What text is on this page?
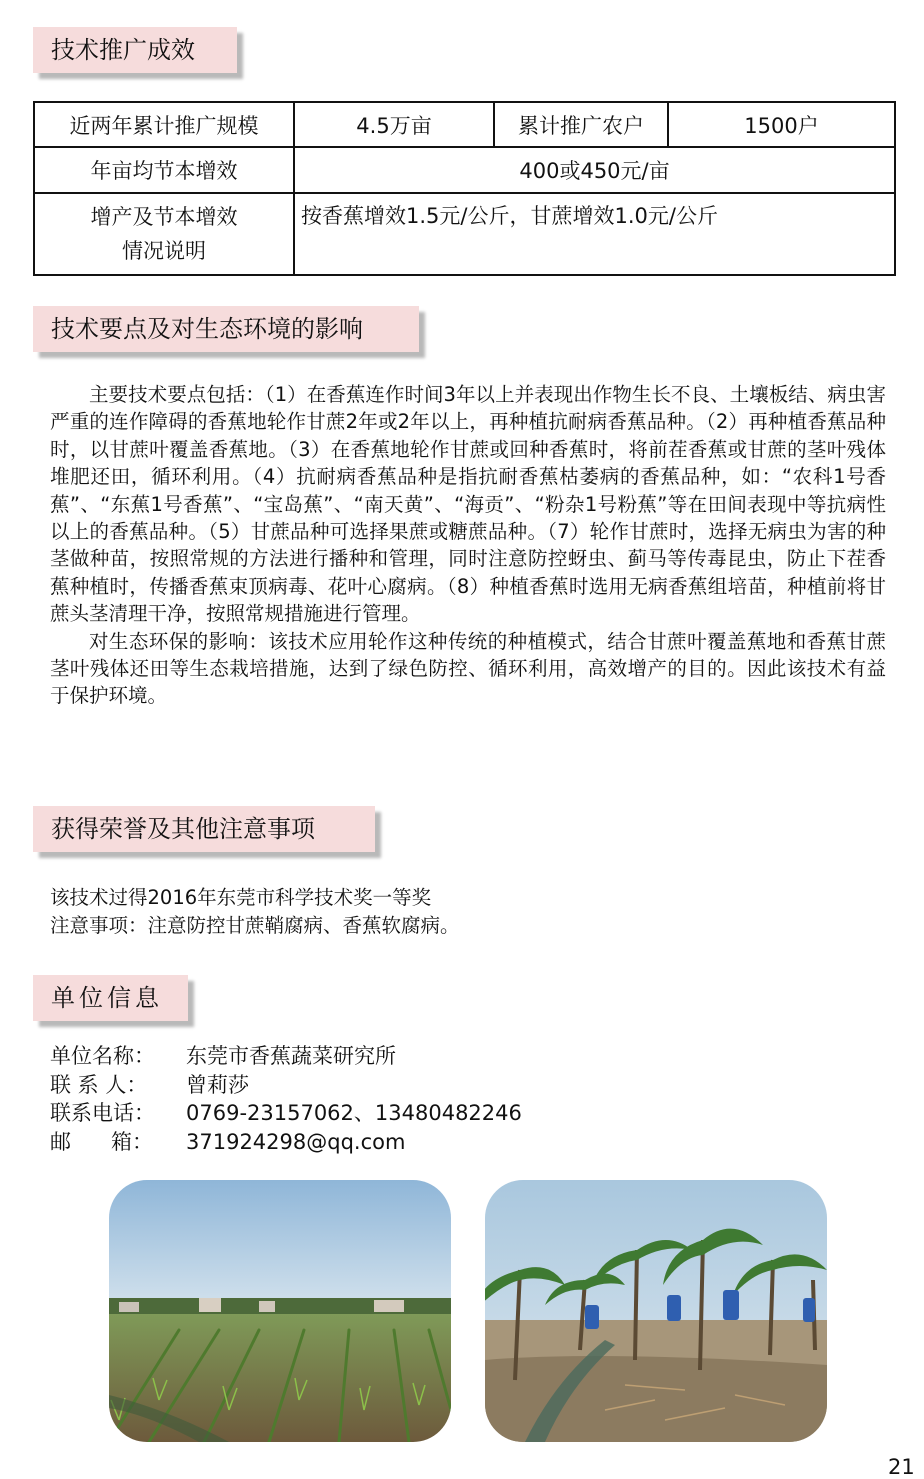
技术推广成效
近两年累计推广规模	4.5万亩	累计推广农户	1500户
年亩均节本增效	400或450元/亩		

增产及节本增效
情况说明	按香蕉增效1.5元/公斤，甘蔗增效1.0元/公斤		
技术要点及对生态环境的影响

主要技术要点包括：（1）在香蕉连作时间3年以上并表现出作物生长不良、土壤板结、病虫害严重的连作障碍的香蕉地轮作甘蔗2年或2年以上，再种植抗耐病香蕉品种。（2）再种植香蕉品种时，以甘蔗叶覆盖香蕉地。（3）在香蕉地轮作甘蔗或回种香蕉时，将前茬香蕉或甘蔗的茎叶残体堆肥还田，循环利用。（4）抗耐病香蕉品种是指抗耐香蕉枯萎病的香蕉品种，如：“农科1号香蕉”、“东蕉1号香蕉”、“宝岛蕉”、“南天黄”、“海贡”、“粉杂1号粉蕉”等在田间表现中等抗病性以上的香蕉品种。（5）甘蔗品种可选择果蔗或糖蔗品种。（7）轮作甘蔗时，选择无病虫为害的种茎做种苗，按照常规的方法进行播种和管理，同时注意防控蚜虫、蓟马等传毒昆虫，防止下茬香蕉种植时，传播香蕉束顶病毒、花叶心腐病。（8）种植香蕉时选用无病香蕉组培苗，种植前将甘蔗头茎清理干净，按照常规措施进行管理。

对生态环保的影响：该技术应用轮作这种传统的种植模式，结合甘蔗叶覆盖蕉地和香蕉甘蔗茎叶残体还田等生态栽培措施，达到了绿色防控、循环利用，高效增产的目的。因此该技术有益于保护环境。

获得荣誉及其他注意事项
该技术过得2016年东莞市科学技术奖一等奖
注意事项：注意防控甘蔗鞘腐病、香蕉软腐病。
单位信息
单位名称：	东莞市香蕉蔬菜研究所
联 系 人：	曾莉莎
联系电话：	0769-23157062、13480482246
邮      箱：	371924298@qq.com
21
